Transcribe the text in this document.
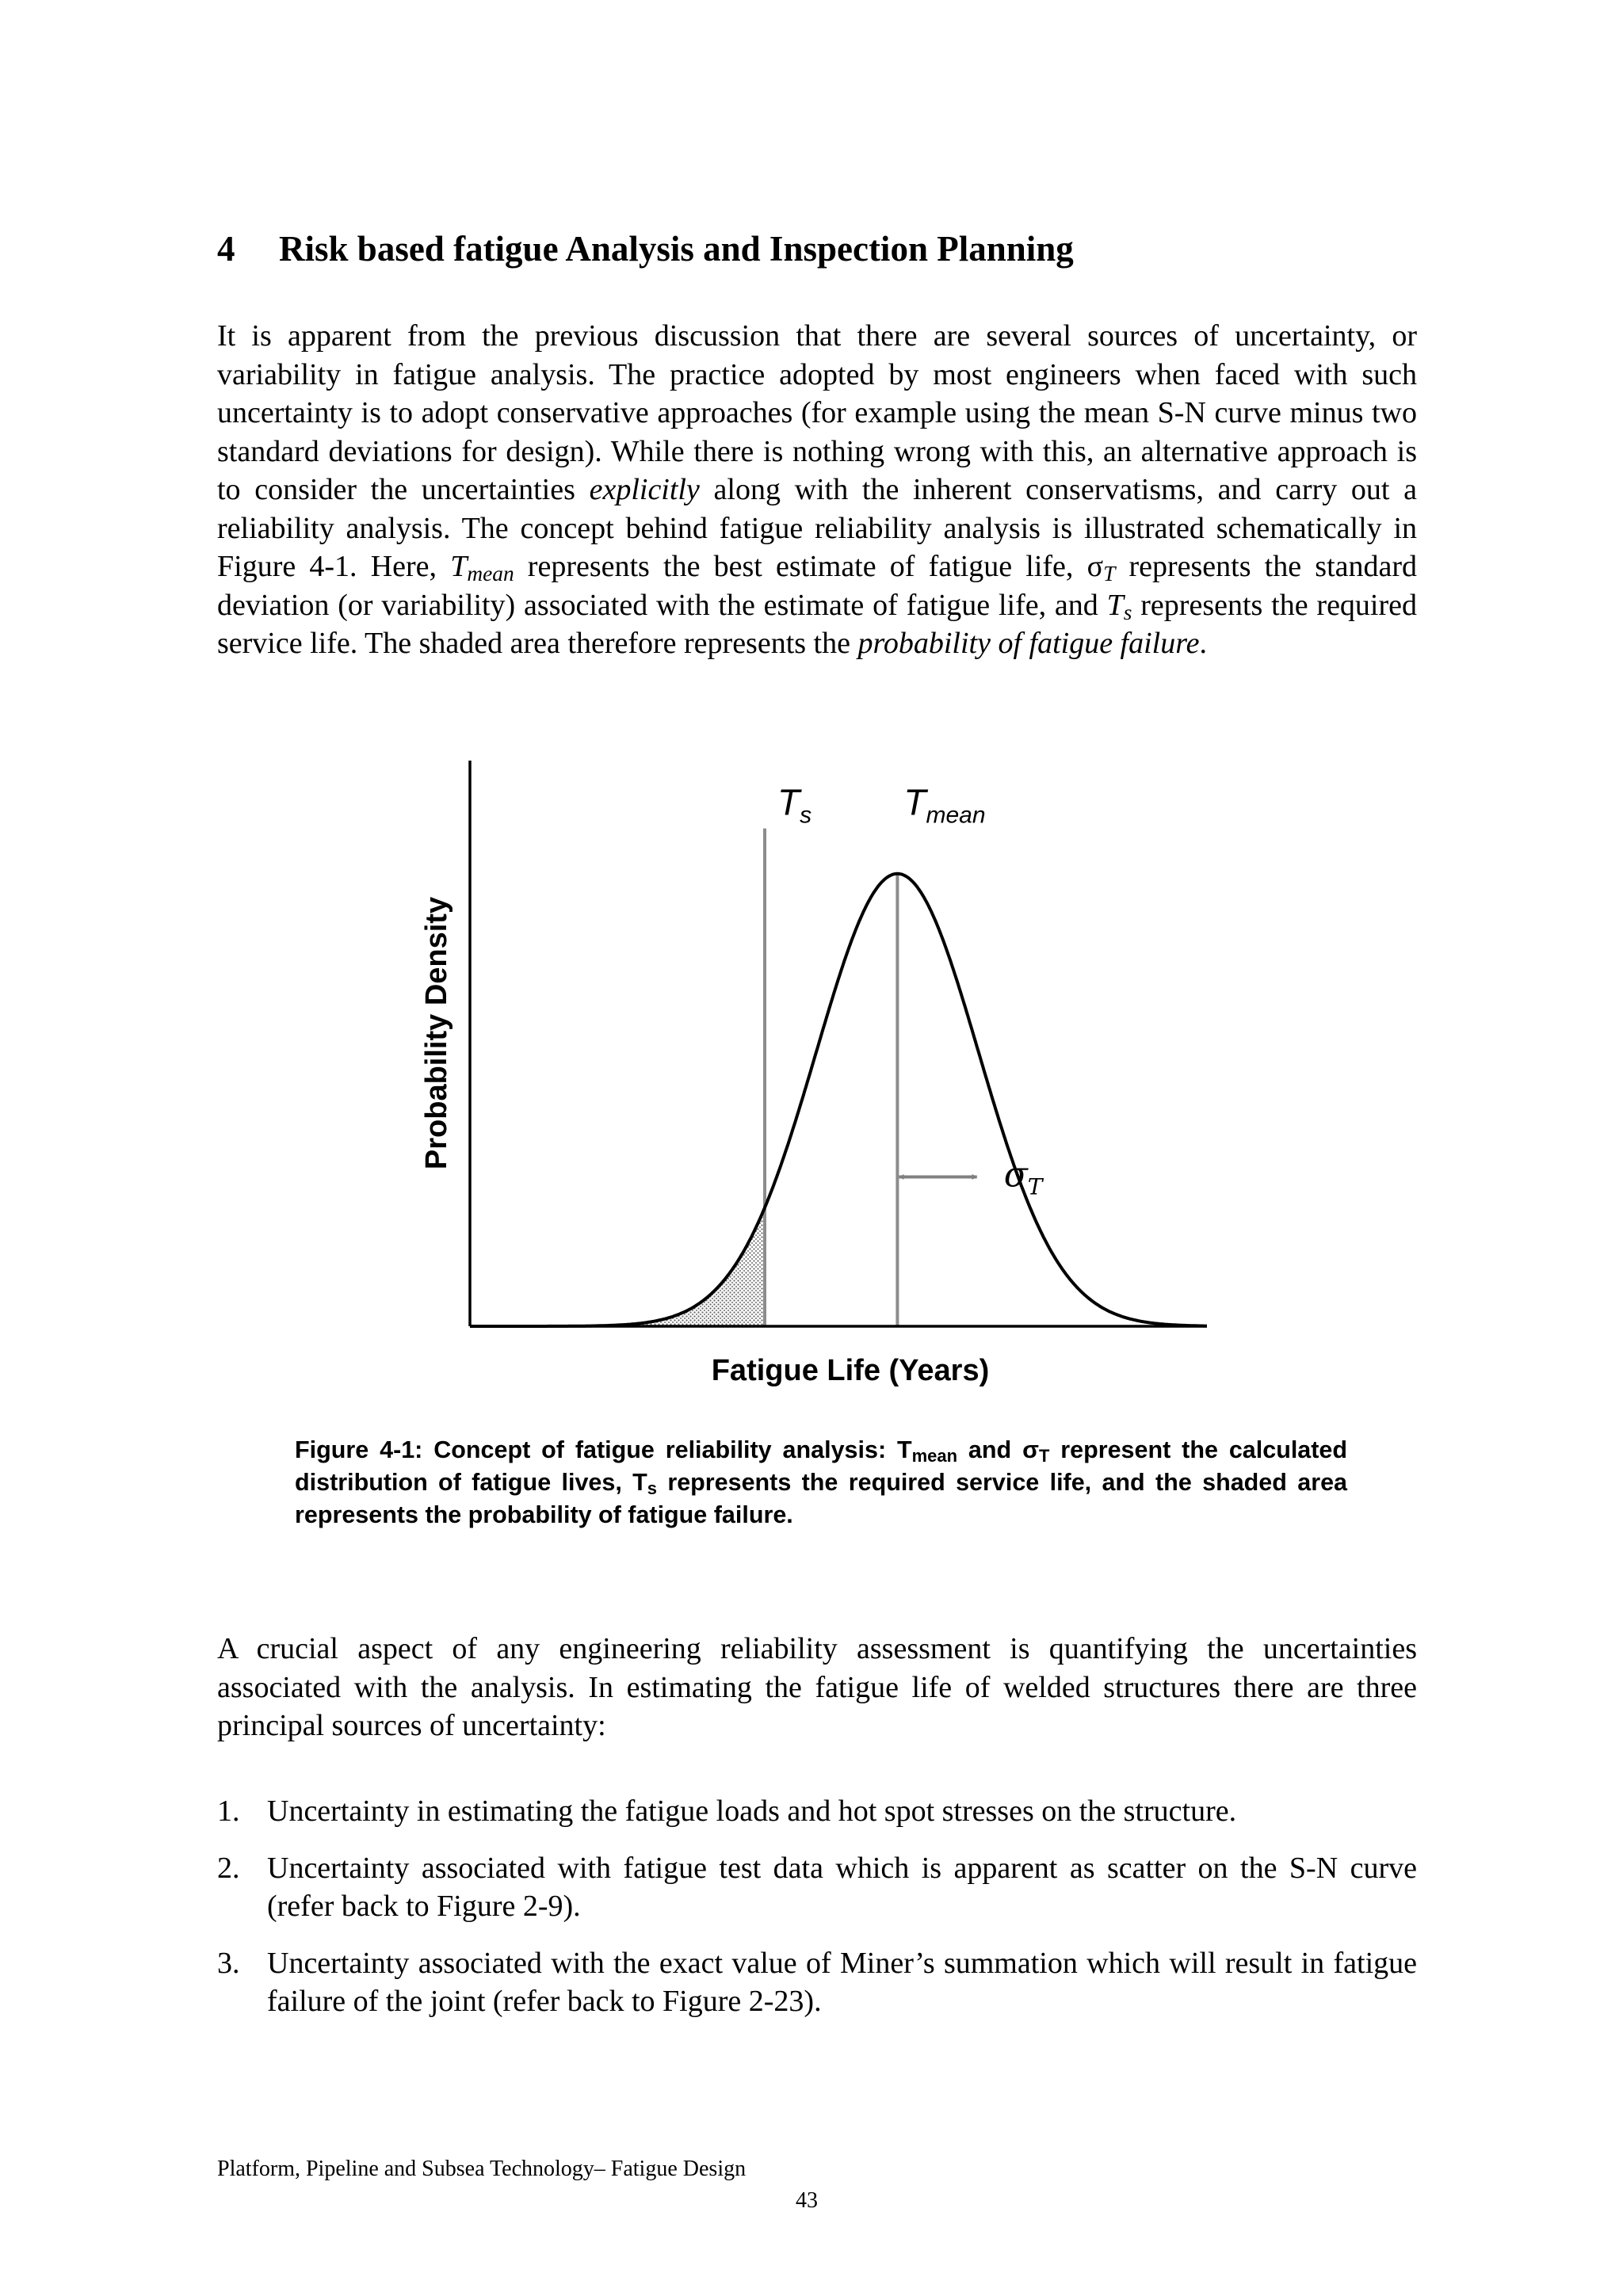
4 Risk based fatigue Analysis and Inspection Planning

It is apparent from the previous discussion that there are several sources of uncertainty, or variability in fatigue analysis. The practice adopted by most engineers when faced with such uncertainty is to adopt conservative approaches (for example using the mean S-N curve minus two standard deviations for design). While there is nothing wrong with this, an alternative approach is to consider the uncertainties explicitly along with the inherent conservatisms, and carry out a reliability analysis. The concept behind fatigue reliability analysis is illustrated schematically in Figure 4-1. Here, $T_{mean}$ represents the best estimate of fatigue life, $\sigma_T$ represents the standard deviation (or variability) associated with the estimate of fatigue life, and $T_s$ represents the required service life. The shaded area therefore represents the probability of fatigue failure.

$T_s$	$T_{mean}$
$\sigma_T$
Fatigue Life (Years)
Probability Density

Figure 4-1: Concept of fatigue reliability analysis: $T_{mean}$ and $\sigma_T$ represent the calculated distribution of fatigue lives, $T_s$ represents the required service life, and the shaded area represents the probability of fatigue failure.

A crucial aspect of any engineering reliability assessment is quantifying the uncertainties associated with the analysis. In estimating the fatigue life of welded structures there are three principal sources of uncertainty:

1. Uncertainty in estimating the fatigue loads and hot spot stresses on the structure.
2. Uncertainty associated with fatigue test data which is apparent as scatter on the S-N curve (refer back to Figure 2-9).
3. Uncertainty associated with the exact value of Miner’s summation which will result in fatigue failure of the joint (refer back to Figure 2-23).

Platform, Pipeline and Subsea Technology– Fatigue Design

43
